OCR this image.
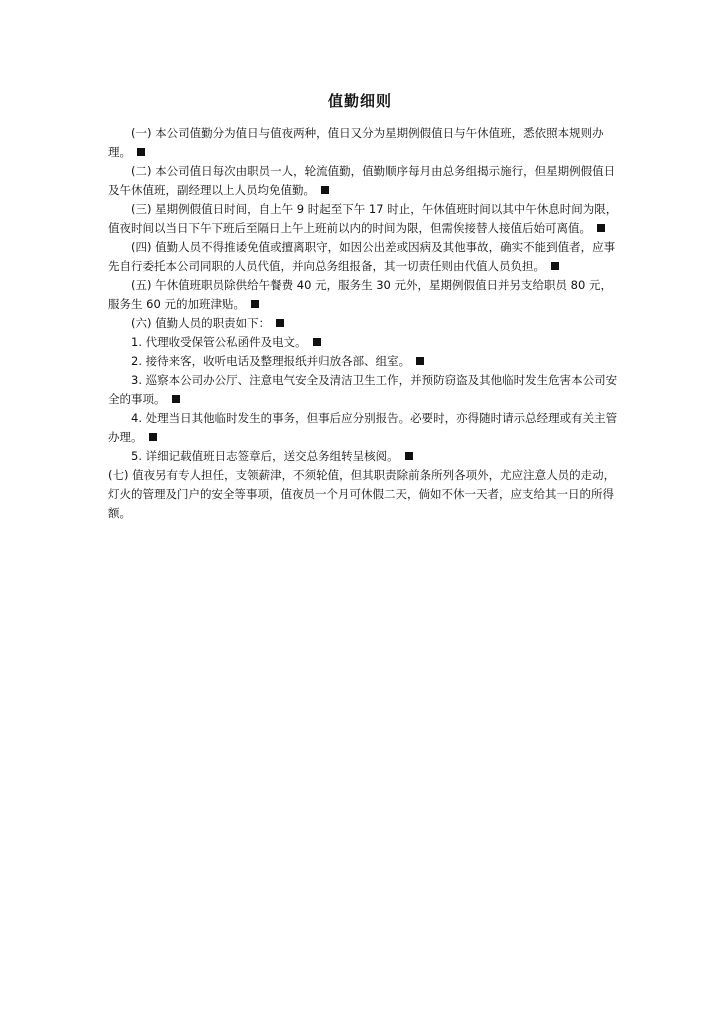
值勤细则

(一) 本公司值勤分为值日与值夜两种，值日又分为星期例假值日与午休值班，悉依照本规则办理。

(二) 本公司值日每次由职员一人，轮流值勤，值勤顺序每月由总务组揭示施行，但星期例假值日及午休值班，副经理以上人员均免值勤。

(三) 星期例假值日时间，自上午 9 时起至下午 17 时止，午休值班时间以其中午休息时间为限，值夜时间以当日下午下班后至隔日上午上班前以内的时间为限，但需俟接替人接值后始可离值。

(四) 值勤人员不得推诿免值或擅离职守，如因公出差或因病及其他事故，确实不能到值者，应事先自行委托本公司同职的人员代值，并向总务组报备，其一切责任则由代值人员负担。

(五) 午休值班职员除供给午餐费 40 元，服务生 30 元外，星期例假值日并另支给职员 80 元，服务生 60 元的加班津贴。

(六) 值勤人员的职责如下：

1. 代理收受保管公私函件及电文。

2. 接待来客，收听电话及整理报纸并归放各部、组室。

3. 巡察本公司办公厅、注意电气安全及清洁卫生工作，并预防窃盗及其他临时发生危害本公司安全的事项。

4. 处理当日其他临时发生的事务，但事后应分别报告。必要时，亦得随时请示总经理或有关主管办理。

5. 详细记载值班日志签章后，送交总务组转呈核阅。

(七) 值夜另有专人担任，支领薪津，不须轮值，但其职责除前条所列各项外，尤应注意人员的走动，灯火的管理及门户的安全等事项，值夜员一个月可休假二天，倘如不休一天者，应支给其一日的所得额。
